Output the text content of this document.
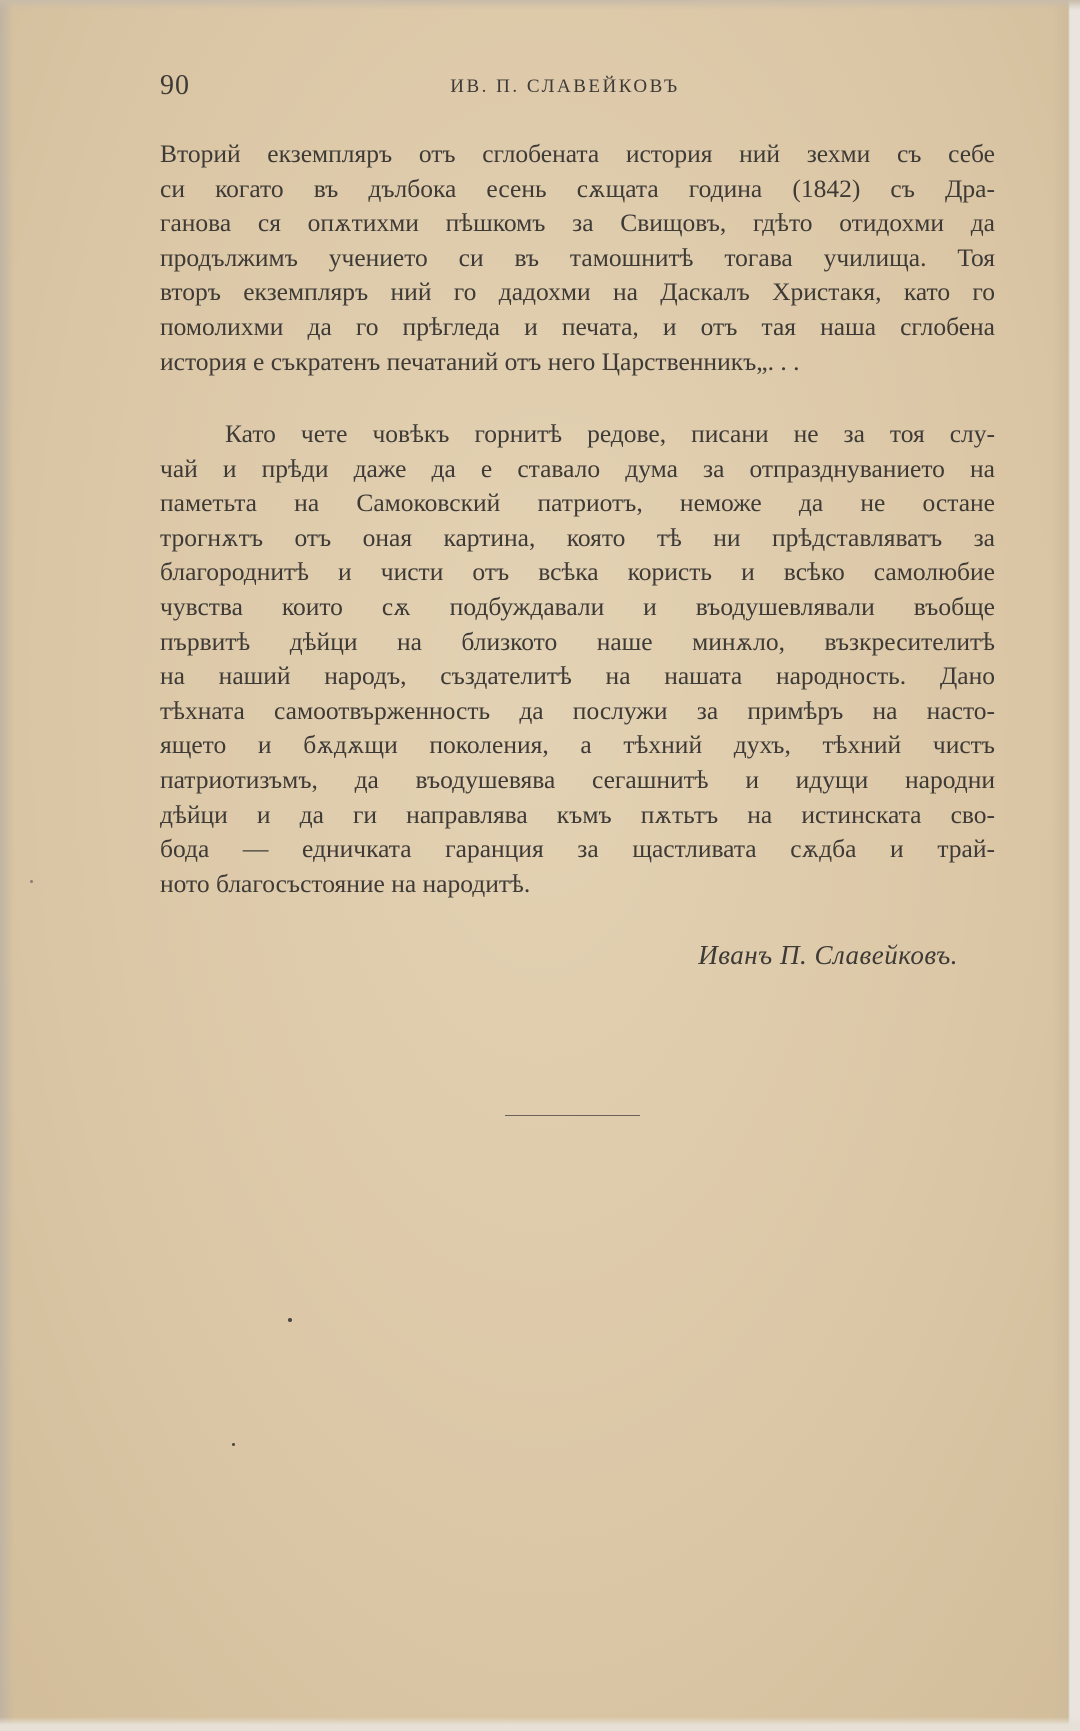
90	ИВ. П. СЛАВЕЙКОВЪ
Вторий екземпляръ отъ сглобената история ний зехми съ себе
си когато въ дълбока есень сѫщата година (1842) съ Дра-
ганова ся опѫтихми пѣшкомъ за Свищовъ, гдѣто отидохми да
продължимъ учението си въ тамошнитѣ тогава училища. Тоя
вторъ екземпляръ ний го дадохми на Даскалъ Христакя, като го
помолихми да го прѣгледа и печата, и отъ тая наша сглобена
история е съкратенъ печатаний отъ него Царственникъ„. . .
Като чете човѣкъ горнитѣ редове, писани не за тоя слу-
чай и прѣди даже да е ставало дума за отпразднуванието на
паметьта на Самоковский патриотъ, неможе да не остане
трогнѫтъ отъ оная картина, която тѣ ни прѣдставляватъ за
благороднитѣ и чисти отъ всѣка користь и всѣко самолюбие
чувства които сѫ подбуждавали и въодушевлявали въобще
първитѣ дѣйци на близкото наше минѫло, възкресителитѣ
на наший народъ, създателитѣ на нашата народность. Дано
тѣхната самоотвърженность да послужи за примѣръ на насто-
ящето и бѫдѫщи поколения, а тѣхний духъ, тѣхний чистъ
патриотизъмъ, да въодушевява сегашнитѣ и идущи народни
дѣйци и да ги направлява къмъ пѫтьтъ на истинската сво-
бода — едничката гаранция за щастливата сѫдба и трай-
ното благосъстояние на народитѣ.
Иванъ П. Славейковъ.
